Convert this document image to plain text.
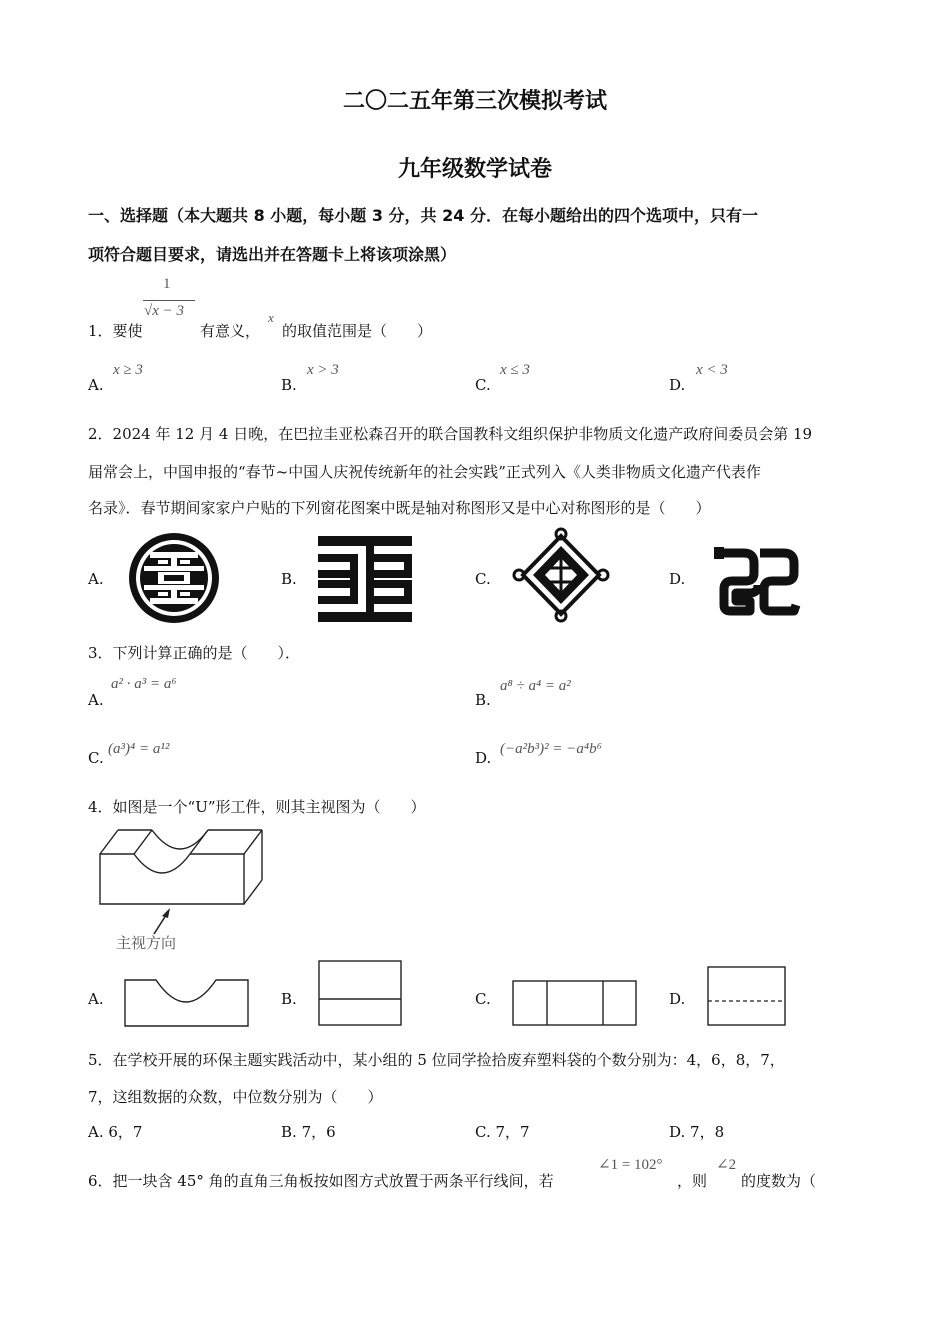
二〇二五年第三次模拟考试
九年级数学试卷
一、选择题（本大题共 8 小题，每小题 3 分，共 24 分．在每小题给出的四个选项中，只有一
项符合题目要求，请选出并在答题卡上将该项涂黑）
1
√x − 3
1．要使	有意义，
x
的取值范围是（　　）
A.
x ≥ 3
B.
x > 3
C.
x ≤ 3
D.
x < 3
2．2024 年 12 月 4 日晚，在巴拉圭亚松森召开的联合国教科文组织保护非物质文化遗产政府间委员会第 19
届常会上，中国申报的“春节~中国人庆祝传统新年的社会实践”正式列入《人类非物质文化遗产代表作
名录》．春节期间家家户户贴的下列窗花图案中既是轴对称图形又是中心对称图形的是（　　）
A.	B.	C.	D.
3．下列计算正确的是（　　）．
A.
a² · a³ = a⁶
B.
a⁸ ÷ a⁴ = a²
C. (a³)⁴ = a¹²	D. (−a²b³)² = −a⁴b⁶
4．如图是一个“U”形工件，则其主视图为（　　）
主视方向
A.	B.	C.	D.
5．在学校开展的环保主题实践活动中，某小组的 5 位同学捡拾废弃塑料袋的个数分别为：4，6，8，7，
7，这组数据的众数，中位数分别为（　　）
A. 6，7	B. 7，6	C. 7，7	D. 7，8
6．把一块含 45° 角的直角三角板按如图方式放置于两条平行线间，若
∠1 = 102°
，则
∠2
的度数为（
